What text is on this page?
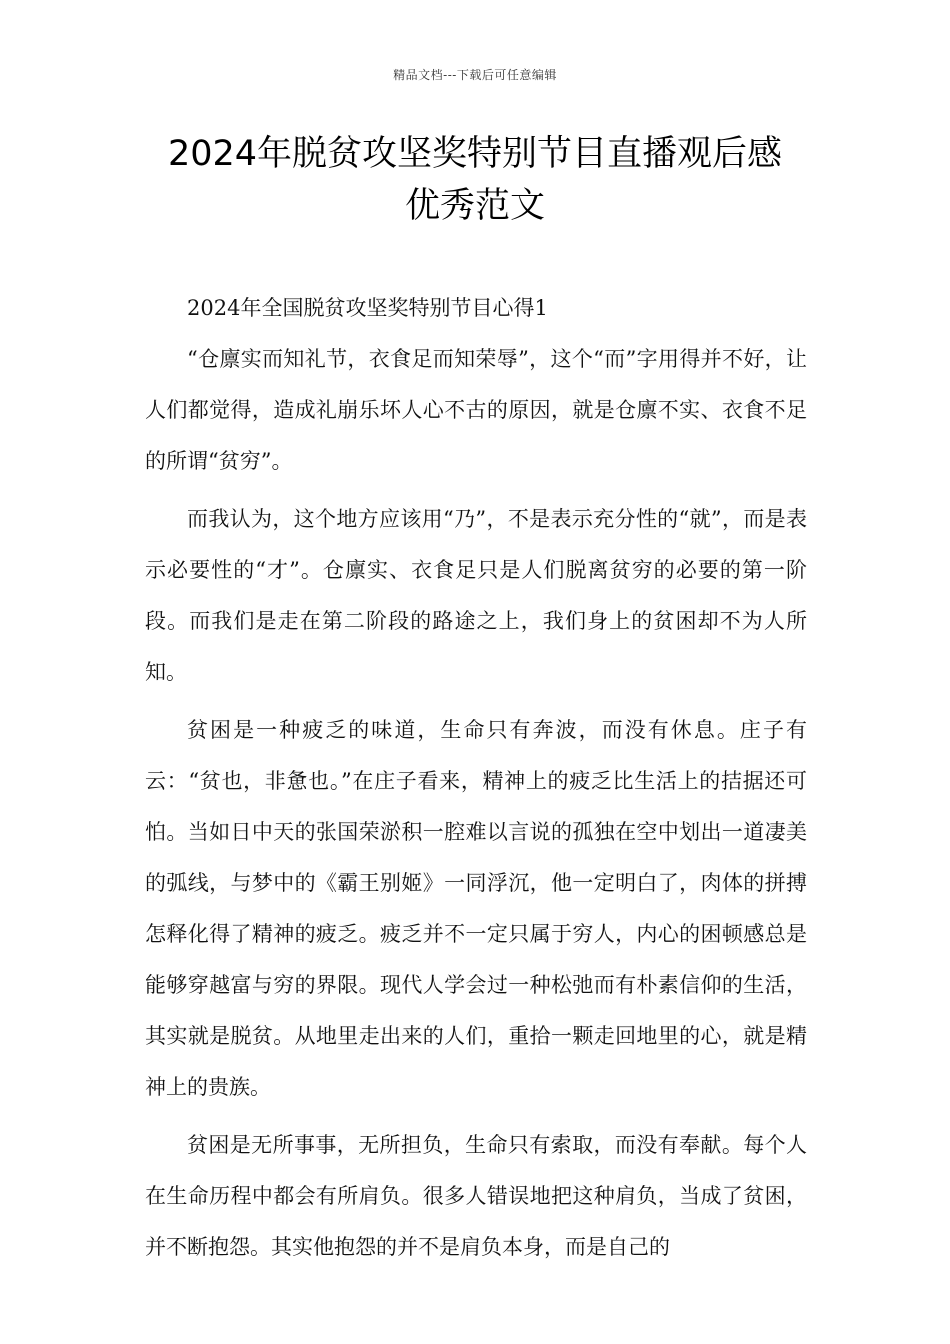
精品文档---下载后可任意编辑
2024年脱贫攻坚奖特别节目直播观后感
优秀范文

2024年全国脱贫攻坚奖特别节目心得1

“仓廪实而知礼节，衣食足而知荣辱”，这个“而”字用得并不好，让人们都觉得，造成礼崩乐坏人心不古的原因，就是仓廪不实、衣食不足的所谓“贫穷”。

而我认为，这个地方应该用“乃”，不是表示充分性的“就”，而是表示必要性的“才”。仓廪实、衣食足只是人们脱离贫穷的必要的第一阶段。而我们是走在第二阶段的路途之上，我们身上的贫困却不为人所知。

贫困是一种疲乏的味道，生命只有奔波，而没有休息。庄子有云：“贫也，非惫也。”在庄子看来，精神上的疲乏比生活上的拮据还可怕。当如日中天的张国荣淤积一腔难以言说的孤独在空中划出一道凄美的弧线，与梦中的《霸王别姬》一同浮沉，他一定明白了，肉体的拼搏怎释化得了精神的疲乏。疲乏并不一定只属于穷人，内心的困顿感总是能够穿越富与穷的界限。现代人学会过一种松弛而有朴素信仰的生活，其实就是脱贫。从地里走出来的人们，重拾一颗走回地里的心，就是精神上的贵族。

贫困是无所事事，无所担负，生命只有索取，而没有奉献。每个人在生命历程中都会有所肩负。很多人错误地把这种肩负，当成了贫困，并不断抱怨。其实他抱怨的并不是肩负本身，而是自己的
